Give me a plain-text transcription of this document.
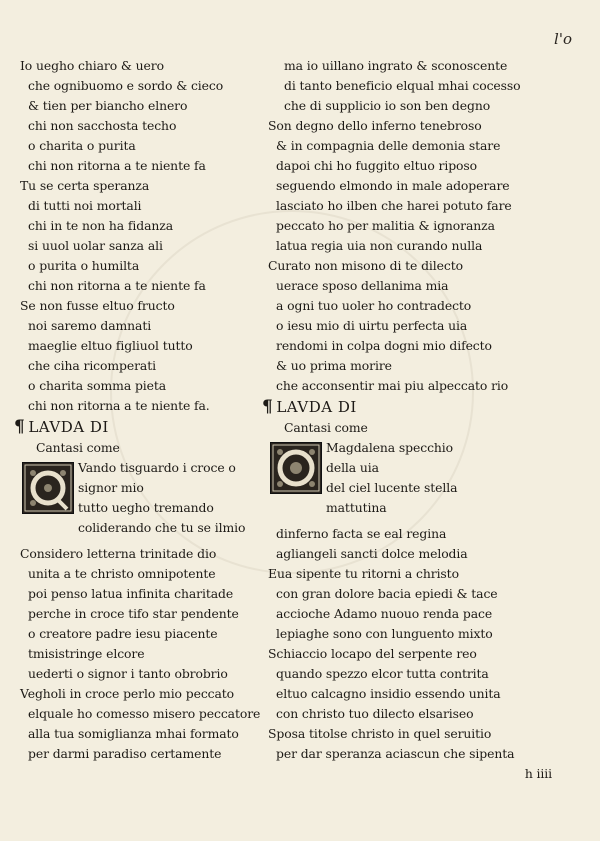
l'o
Io uegho chiaro & uero
che ognibuomo e sordo & cieco
& tien per biancho elnero
chi non sacchosta techo
o charita o purita
chi non ritorna a te niente fa
Tu se certa speranza
di tutti noi mortali
chi in te non ha fidanza
si uuol uolar sanza ali
o purita o humilta
chi non ritorna a te niente fa
Se non fusse eltuo fructo
noi saremo damnati
maeglie eltuo figliuol tutto
che ciha ricomperati
o charita somma pieta
chi non ritorna a te niente fa.
¶ LAVDA DI
Cantasi come
Vando tisguardo i croce o
signor mio
tutto uegho tremando
coliderando che tu se ilmio
Considero letterna trinitade dio
unita a te christo omnipotente
poi penso latua infinita charitade
perche in croce tifo star pendente
o creatore padre iesu piacente
tmisistringe elcore
uederti o signor i tanto obrobrio
Vegholi in croce perlo mio peccato
elquale ho comesso misero peccatore
alla tua somiglianza mhai formato
per darmi paradiso certamente
ma io uillano ingrato & sconoscente
di tanto beneficio elqual mhai cocesso
che di supplicio io son ben degno
Son degno dello inferno tenebroso
& in compagnia delle demonia stare
dapoi chi ho fuggito eltuo riposo
seguendo elmondo in male adoperare
lasciato ho ilben che harei potuto fare
peccato ho per malitia & ignoranza
latua regia uia non curando nulla
Curato non misono di te dilecto
uerace sposo dellanima mia
a ogni tuo uoler ho contradecto
o iesu mio di uirtu perfecta uia
rendomi in colpa dogni mio difecto
& uo prima morire
che acconsentir mai piu alpeccato rio
¶ LAVDA DI
Cantasi come
Magdalena specchio
della uia
del ciel lucente stella
mattutina
dinferno facta se eal regina
agliangeli sancti dolce melodia
Eua sipente tu ritorni a christo
con gran dolore bacia epiedi & tace
accioche Adamo nuouo renda pace
lepiaghe sono con lunguento mixto
Schiaccio locapo del serpente reo
quando spezzo elcor tutta contrita
eltuo calcagno insidio essendo unita
con christo tuo dilecto elsariseo
Sposa titolse christo in quel seruitio
per dar speranza aciascun che sipenta
h iiii
